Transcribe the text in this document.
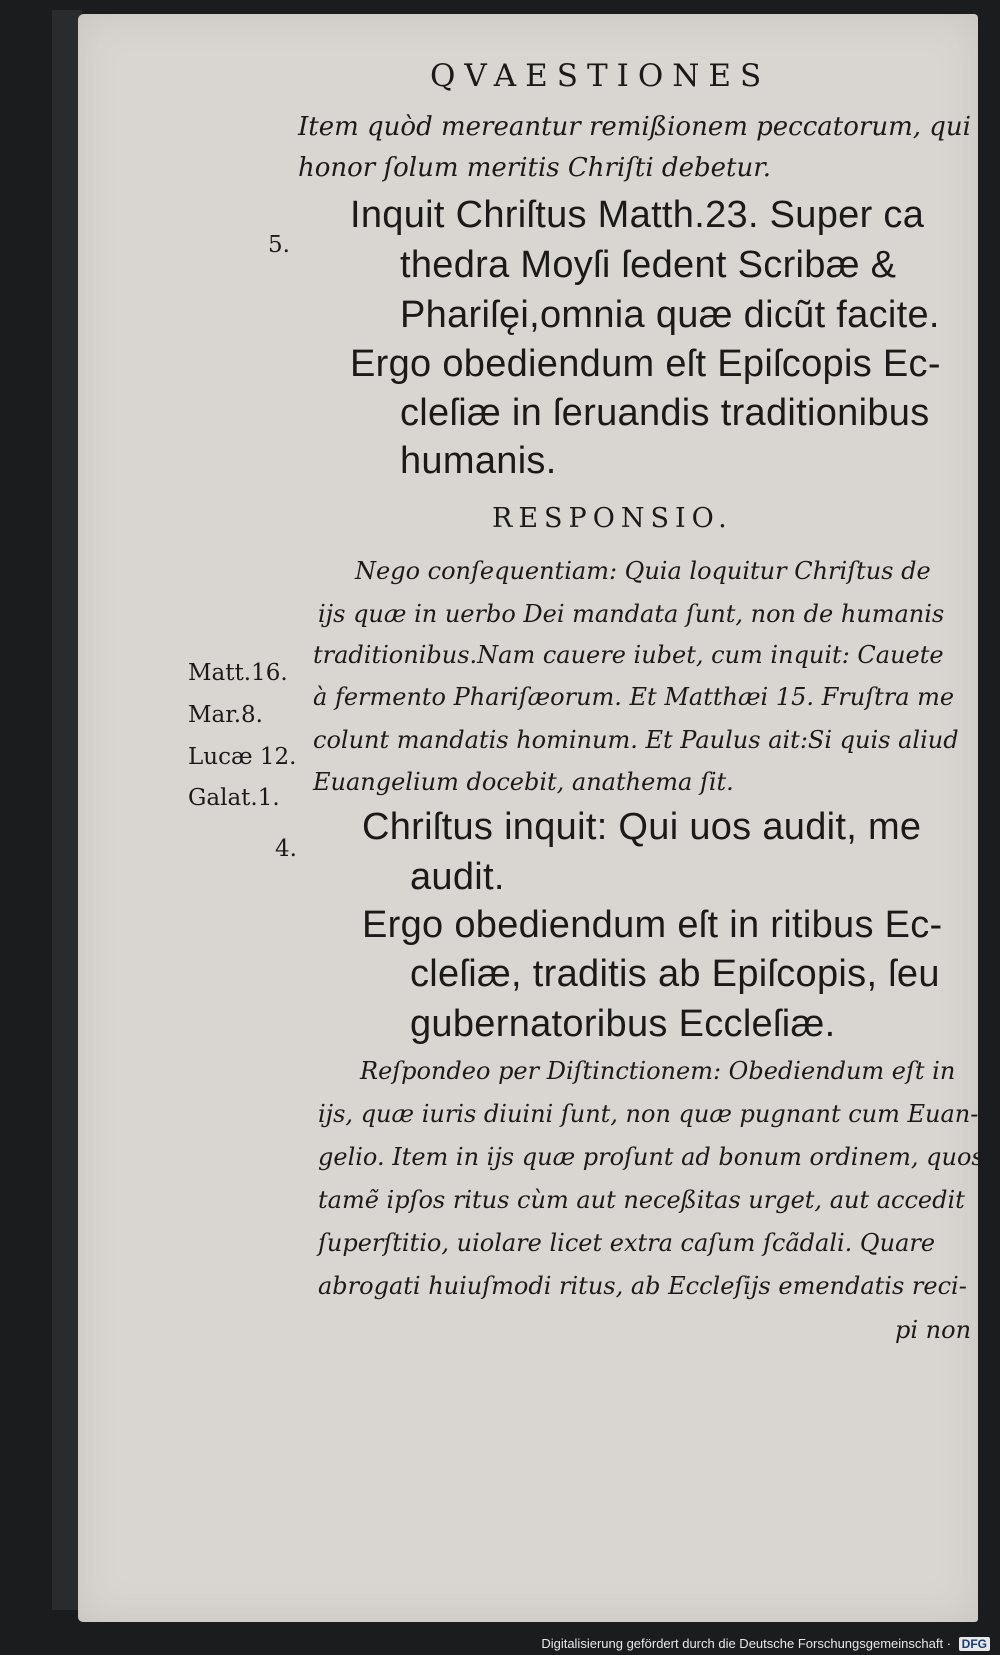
QVAESTIONES
Item quòd mereantur remißionem peccatorum, qui
honor ſolum meritis Chriſti debetur.
5.
Inquit Chriſtus Matth.23. Super ca
thedra Moyſi ſedent Scribæ &
Phariſęi,omnia quæ dicũt facite.
Ergo obediendum eſt Epiſcopis Ec-
cleſiæ in ſeruandis traditionibus
humanis.
RESPONSIO.
Nego conſequentiam: Quia loquitur Chriſtus de
ijs quæ in uerbo Dei mandata ſunt, non de humanis
traditionibus.Nam cauere iubet, cum inquit: Cauete
à fermento Phariſæorum. Et Matthæi 15. Fruſtra me
colunt mandatis hominum. Et Paulus ait:Si quis aliud
Euangelium docebit, anathema ſit.
Matt.16.
Mar.8.
Lucæ 12.
Galat.1.
4.
Chriſtus inquit: Qui uos audit, me
audit.
Ergo obediendum eſt in ritibus Ec-
cleſiæ, traditis ab Epiſcopis, ſeu
gubernatoribus Eccleſiæ.
Reſpondeo per Diſtinctionem: Obediendum eſt in
ijs, quæ iuris diuini ſunt, non quæ pugnant cum Euan-
gelio. Item in ijs quæ proſunt ad bonum ordinem, quos
tamẽ ipſos ritus cùm aut neceßitas urget, aut accedit
ſuperſtitio, uiolare licet extra caſum ſcãdali. Quare
abrogati huiuſmodi ritus, ab Eccleſijs emendatis reci-
pi non
Digitalisierung gefördert durch die Deutsche Forschungsgemeinschaft · DFG
